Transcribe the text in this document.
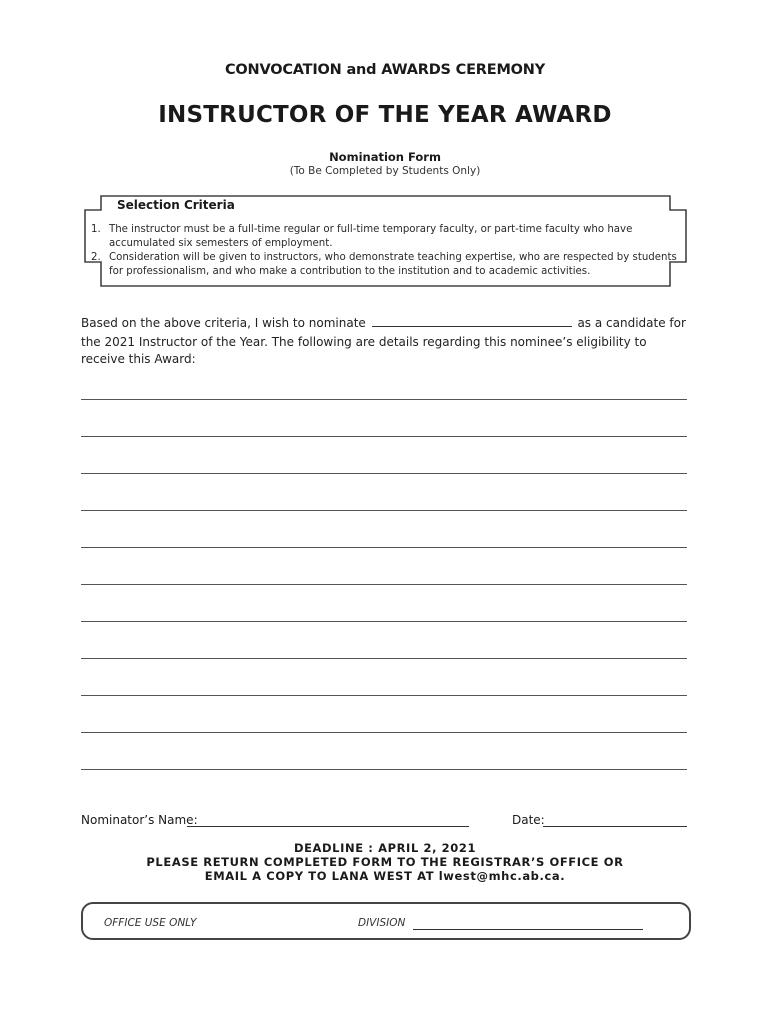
CONVOCATION and AWARDS CEREMONY
INSTRUCTOR OF THE YEAR AWARD
Nomination Form
(To Be Completed by Students Only)
Selection Criteria
1. The instructor must be a full-time regular or full-time temporary faculty, or part-time faculty who have accumulated six semesters of employment.
2. Consideration will be given to instructors, who demonstrate teaching expertise, who are respected by students for professionalism, and who make a contribution to the institution and to academic activities.
Based on the above criteria, I wish to nominate	as a candidate for
the 2021 Instructor of the Year. The following are details regarding this nominee’s eligibility to receive this Award:
Nominator’s Name:	Date:
DEADLINE : APRIL 2, 2021
PLEASE RETURN COMPLETED FORM TO THE REGISTRAR’S OFFICE OR
EMAIL A COPY TO LANA WEST AT lwest@mhc.ab.ca.
OFFICE USE ONLY	DIVISION
